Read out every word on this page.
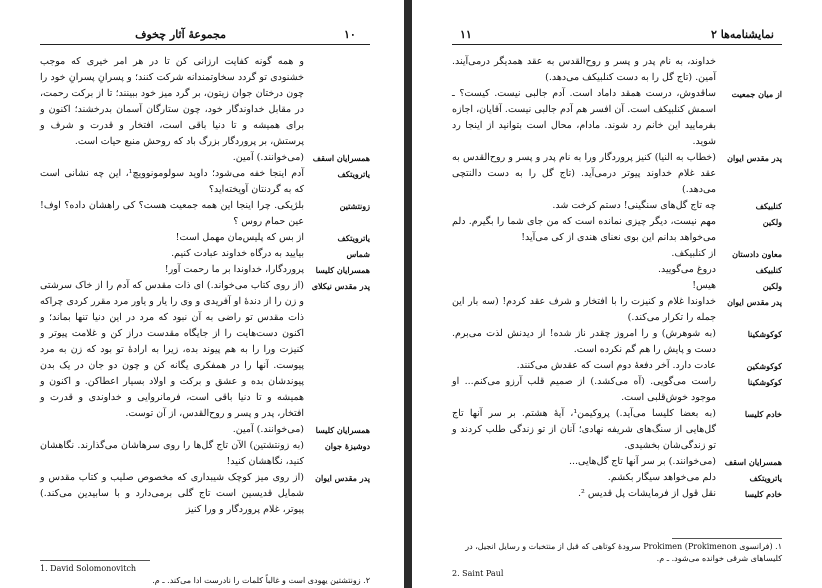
مجموعهٔ آثار چخوف	۱۰
و همه گونه کفایت ارزانی کن تا در هر امر خیری که موجب خشنودی تو گردد سخاوتمندانه شرکت کنند؛ و پسرانِ پسرانِ خود را چون درختان جوان زیتون، بر گرد میز خود ببینند؛ تا از برکت رحمت، در مقابل خداوندگار خود، چون ستارگان آسمان بدرخشند؛ اکنون و برای همیشه و تا دنیا باقی است، افتخار و قدرت و شرف و پرستش، بر پروردگار بزرگ باد که روحش منبع حیات است.
همسرایان اسقف
(می‌خوانند.) آمین.
یاترویتکف
آدم اینجا خفه می‌شود؛ داوید سولومونوویچ¹، این چه نشانی است که به گردنتان آویخته‌اید؟
زونتشتین
بلژیکی. چرا اینجا این همه جمعیت هست؟ کی راهشان داده؟ اوف! عین حمام روس ؟
یاترویتکف
از بس که پلیس‌مان مهمل است!
شماس
بیایید به درگاه خداوند عبادت کنیم.
همسرایان کلیسا
پروردگارا، خداوندا بر ما رحمت آور!
پدر مقدس نیکلای
(از روی کتاب می‌خواند.) ای ذات مقدس که آدم را از خاک سرشتی و زن را از دندهٔ او آفریدی و وی را یار و یاور مرد مقرر کردی چراکه ذات مقدس تو راضی به آن نبود که مرد در این دنیا تنها بماند؛ و اکنون دست‌هایت را از جایگاه مقدست دراز کن و غلامت پیوتر و کنیزت ورا را به هم پیوند بده، زیرا به ارادهٔ تو بود که زن به مرد پیوست. آنها را در همفکری یگانه کن و چون دو جان در یک بدن پیوندشان بده و عشق و برکت و اولاد بسیار اعطاکن. و اکنون و همیشه و تا دنیا باقی است، فرمانروایی و خداوندی و قدرت و افتخار، پدر و پسر و روح‌القدس، از آن توست.
همسرایان کلیسا
(می‌خوانند.) آمین.
دوشیزهٔ جوان
(به زونتشتین) الآن تاج گل‌ها را روی سرهاشان می‌گذارند. نگاهشان کنید، نگاهشان کنید!
پدر مقدس ایوان
(از روی میز کوچک شیبداری که مخصوص صلیب و کتاب مقدس و شمایل قدیسین است تاج گلی برمی‌دارد و با سابیدین می‌کند.) پیوتر، غلام پروردگار و ورا کنیز
1. David Solomonovitch
۲. زونتشتین یهودی است و غالباً کلمات را نادرست ادا می‌کند. ـ م.
۱۱	نمایشنامه‌ها ۲
خداوند، به نام پدر و پسر و روح‌القدس به عقد همدیگر درمی‌آیند. آمین. (تاج گل را به دست کنلبیکف می‌دهد.)
از میان جمعیت
ساقدوش، درست همقد داماد است. آدم جالبی نیست. کیست؟ ـ اسمش کنلبیکف است. آن افسر هم آدم جالبی نیست. آقایان، اجازه بفرمایید این خانم رد شوند. مادام، محال است بتوانید از اینجا رد شوید.
پدر مقدس ایوان
(خطاب به النیا) کنیز پروردگار ورا به نام پدر و پسر و روح‌القدس به عقد غلام خداوند پیوتر درمی‌آید. (تاج گل را به دست دالنتچی می‌دهد.)
کنلبیکف
چه تاج گل‌های سنگینی! دستم کرخت شد.
ولکین
مهم نیست، دیگر چیزی نمانده است که من جای شما را بگیرم. دلم می‌خواهد بدانم این بوی نعنای هندی از کی می‌آید!
معاون دادستان
از کنلبیکف.
کنلبیکف
دروغ می‌گویید.
ولکین
هیس!
پدر مقدس ایوان
خداوندا غلام و کنیزت را با افتخار و شرف عقد کردم! (سه بار این جمله را تکرار می‌کند.)
کوکوشکینا
(به شوهرش) و را امروز چقدر ناز شده! از دیدنش لذت می‌برم. دست و پایش را هم گم نکرده است.
کوکوشکین
عادت دارد. آخر دفعهٔ دوم است که عقدش می‌کنند.
کوکوشکینا
راست می‌گویی. (آه می‌کشد.) از صمیم قلب آرزو می‌کنم... او موجود خوش‌قلبی است.
خادم کلیسا
(به بعضا کلیسا می‌آید.) پروکیمن¹، آیهٔ هشتم. بر سر آنها تاج گل‌هایی از سنگ‌های شریفه نهادی؛ آنان از تو زندگی طلب کردند و تو زندگی‌شان بخشیدی.
همسرایان اسقف
(می‌خوانند.) بر سر آنها تاج گل‌هایی...
یاترویتکف
دلم می‌خواهد سیگار بکشم.
خادم کلیسا
نقل قول از فرمایشات پل قدیس ².
۱. (فرانسوی Prokimenon) Prokimen سرودهٔ کوتاهی که قبل از منتخبات و رسایل انجیل، در کلیساهای شرقی خوانده می‌شود. ـ م.
2. Saint Paul
